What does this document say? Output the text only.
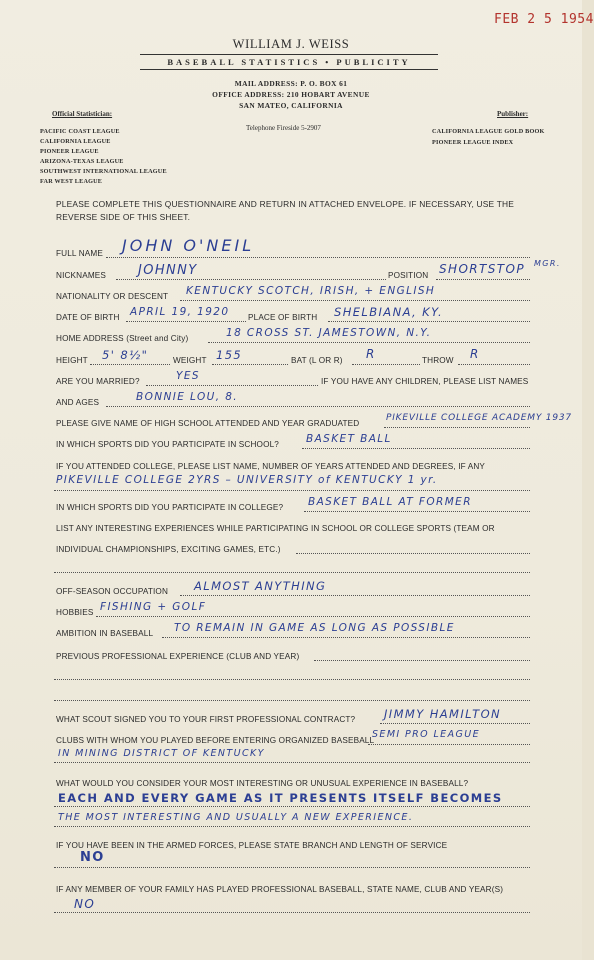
FEB 2 5 1954
WILLIAM J. WEISS
BASEBALL STATISTICS • PUBLICITY
MAIL ADDRESS: P. O. BOX 61
OFFICE ADDRESS: 210 HOBART AVENUE
SAN MATEO, CALIFORNIA
Telephone Fireside 5-2907
Official Statistician:
PACIFIC COAST LEAGUE
CALIFORNIA LEAGUE
PIONEER LEAGUE
ARIZONA-TEXAS LEAGUE
SOUTHWEST INTERNATIONAL LEAGUE
FAR WEST LEAGUE
Publisher:
CALIFORNIA LEAGUE GOLD BOOK
PIONEER LEAGUE INDEX
PLEASE COMPLETE THIS QUESTIONNAIRE AND RETURN IN ATTACHED ENVELOPE. IF NECESSARY, USE THE
REVERSE SIDE OF THIS SHEET.
FULL NAME JOHN O'NEIL
NICKNAMES JOHNNY	POSITION SHORTSTOP MGR.
NATIONALITY OR DESCENT KENTUCKY SCOTCH, IRISH, + ENGLISH
DATE OF BIRTH APRIL 19, 1920 PLACE OF BIRTH SHELBIANA, KY.
HOME ADDRESS (Street and City)	18 CROSS ST. JAMESTOWN, N.Y.
HEIGHT 5' 8½"	WEIGHT 155	BAT (L OR R) R	THROW R
ARE YOU MARRIED?	YES	IF YOU HAVE ANY CHILDREN, PLEASE LIST NAMES
AND AGES	BONNIE LOU, 8.
PLEASE GIVE NAME OF HIGH SCHOOL ATTENDED AND YEAR GRADUATED
PIKEVILLE COLLEGE ACADEMY 1937
IN WHICH SPORTS DID YOU PARTICIPATE IN SCHOOL?	BASKET BALL
IF YOU ATTENDED COLLEGE, PLEASE LIST NAME, NUMBER OF YEARS ATTENDED AND DEGREES, IF ANY
PIKEVILLE COLLEGE 2YRS – UNIVERSITY of KENTUCKY 1 yr.
IN WHICH SPORTS DID YOU PARTICIPATE IN COLLEGE? BASKET BALL AT FORMER
LIST ANY INTERESTING EXPERIENCES WHILE PARTICIPATING IN SCHOOL OR COLLEGE SPORTS (TEAM OR
INDIVIDUAL CHAMPIONSHIPS, EXCITING GAMES, ETC.)
OFF-SEASON OCCUPATION ALMOST ANYTHING
HOBBIES FISHING + GOLF
AMBITION IN BASEBALL TO REMAIN IN GAME AS LONG AS POSSIBLE
PREVIOUS PROFESSIONAL EXPERIENCE (CLUB AND YEAR)
WHAT SCOUT SIGNED YOU TO YOUR FIRST PROFESSIONAL CONTRACT?	JIMMY HAMILTON
CLUBS WITH WHOM YOU PLAYED BEFORE ENTERING ORGANIZED BASEBALL
SEMI PRO LEAGUE
IN MINING DISTRICT OF KENTUCKY
WHAT WOULD YOU CONSIDER YOUR MOST INTERESTING OR UNUSUAL EXPERIENCE IN BASEBALL?
EACH AND EVERY GAME AS IT PRESENTS ITSELF BECOMES
THE MOST INTERESTING AND USUALLY A NEW EXPERIENCE.
IF YOU HAVE BEEN IN THE ARMED FORCES, PLEASE STATE BRANCH AND LENGTH OF SERVICE
NO
IF ANY MEMBER OF YOUR FAMILY HAS PLAYED PROFESSIONAL BASEBALL, STATE NAME, CLUB AND YEAR(S)
NO
